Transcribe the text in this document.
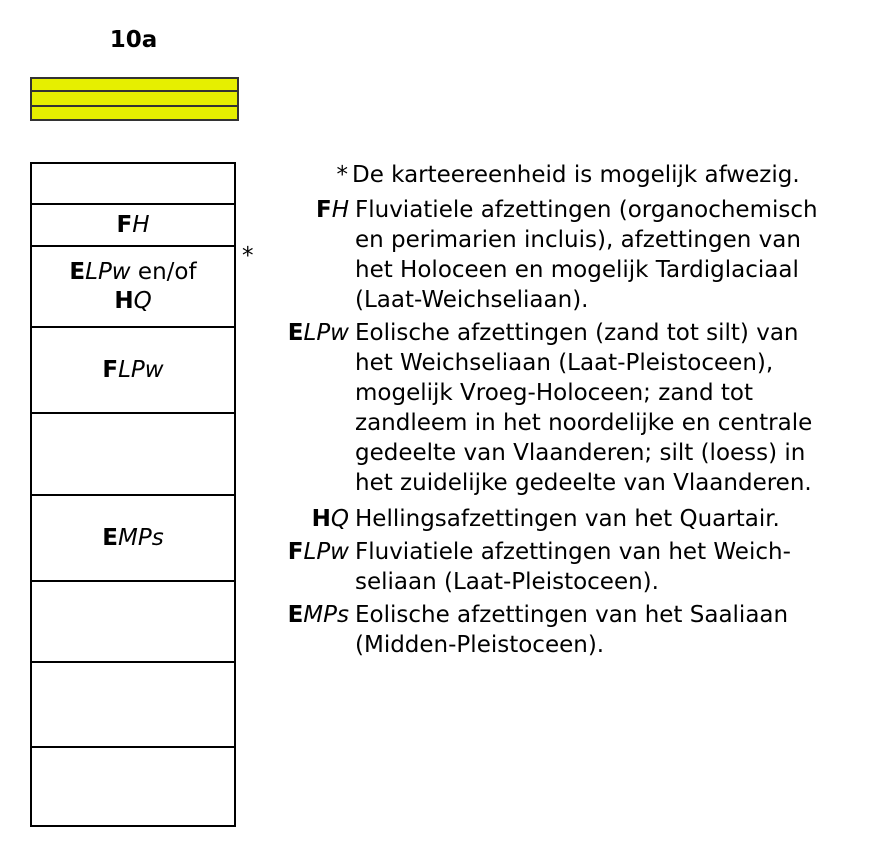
10a
FH
ELPw en/of
HQ
FLPw
EMPs
*
* De karteereenheid is mogelijk afwezig.
FH Fluviatiele afzettingen (organochemisch
en perimarien incluis), afzettingen van
het Holoceen en mogelijk Tardiglaciaal
(Laat-Weichseliaan).
ELPw Eolische afzettingen (zand tot silt) van
het Weichseliaan (Laat-Pleistoceen),
mogelijk Vroeg-Holoceen; zand tot
zandleem in het noordelijke en centrale
gedeelte van Vlaanderen; silt (loess) in
het zuidelijke gedeelte van Vlaanderen.
HQ Hellingsafzettingen van het Quartair.
FLPw Fluviatiele afzettingen van het Weich-
seliaan (Laat-Pleistoceen).
EMPs Eolische afzettingen van het Saaliaan
(Midden-Pleistoceen).
